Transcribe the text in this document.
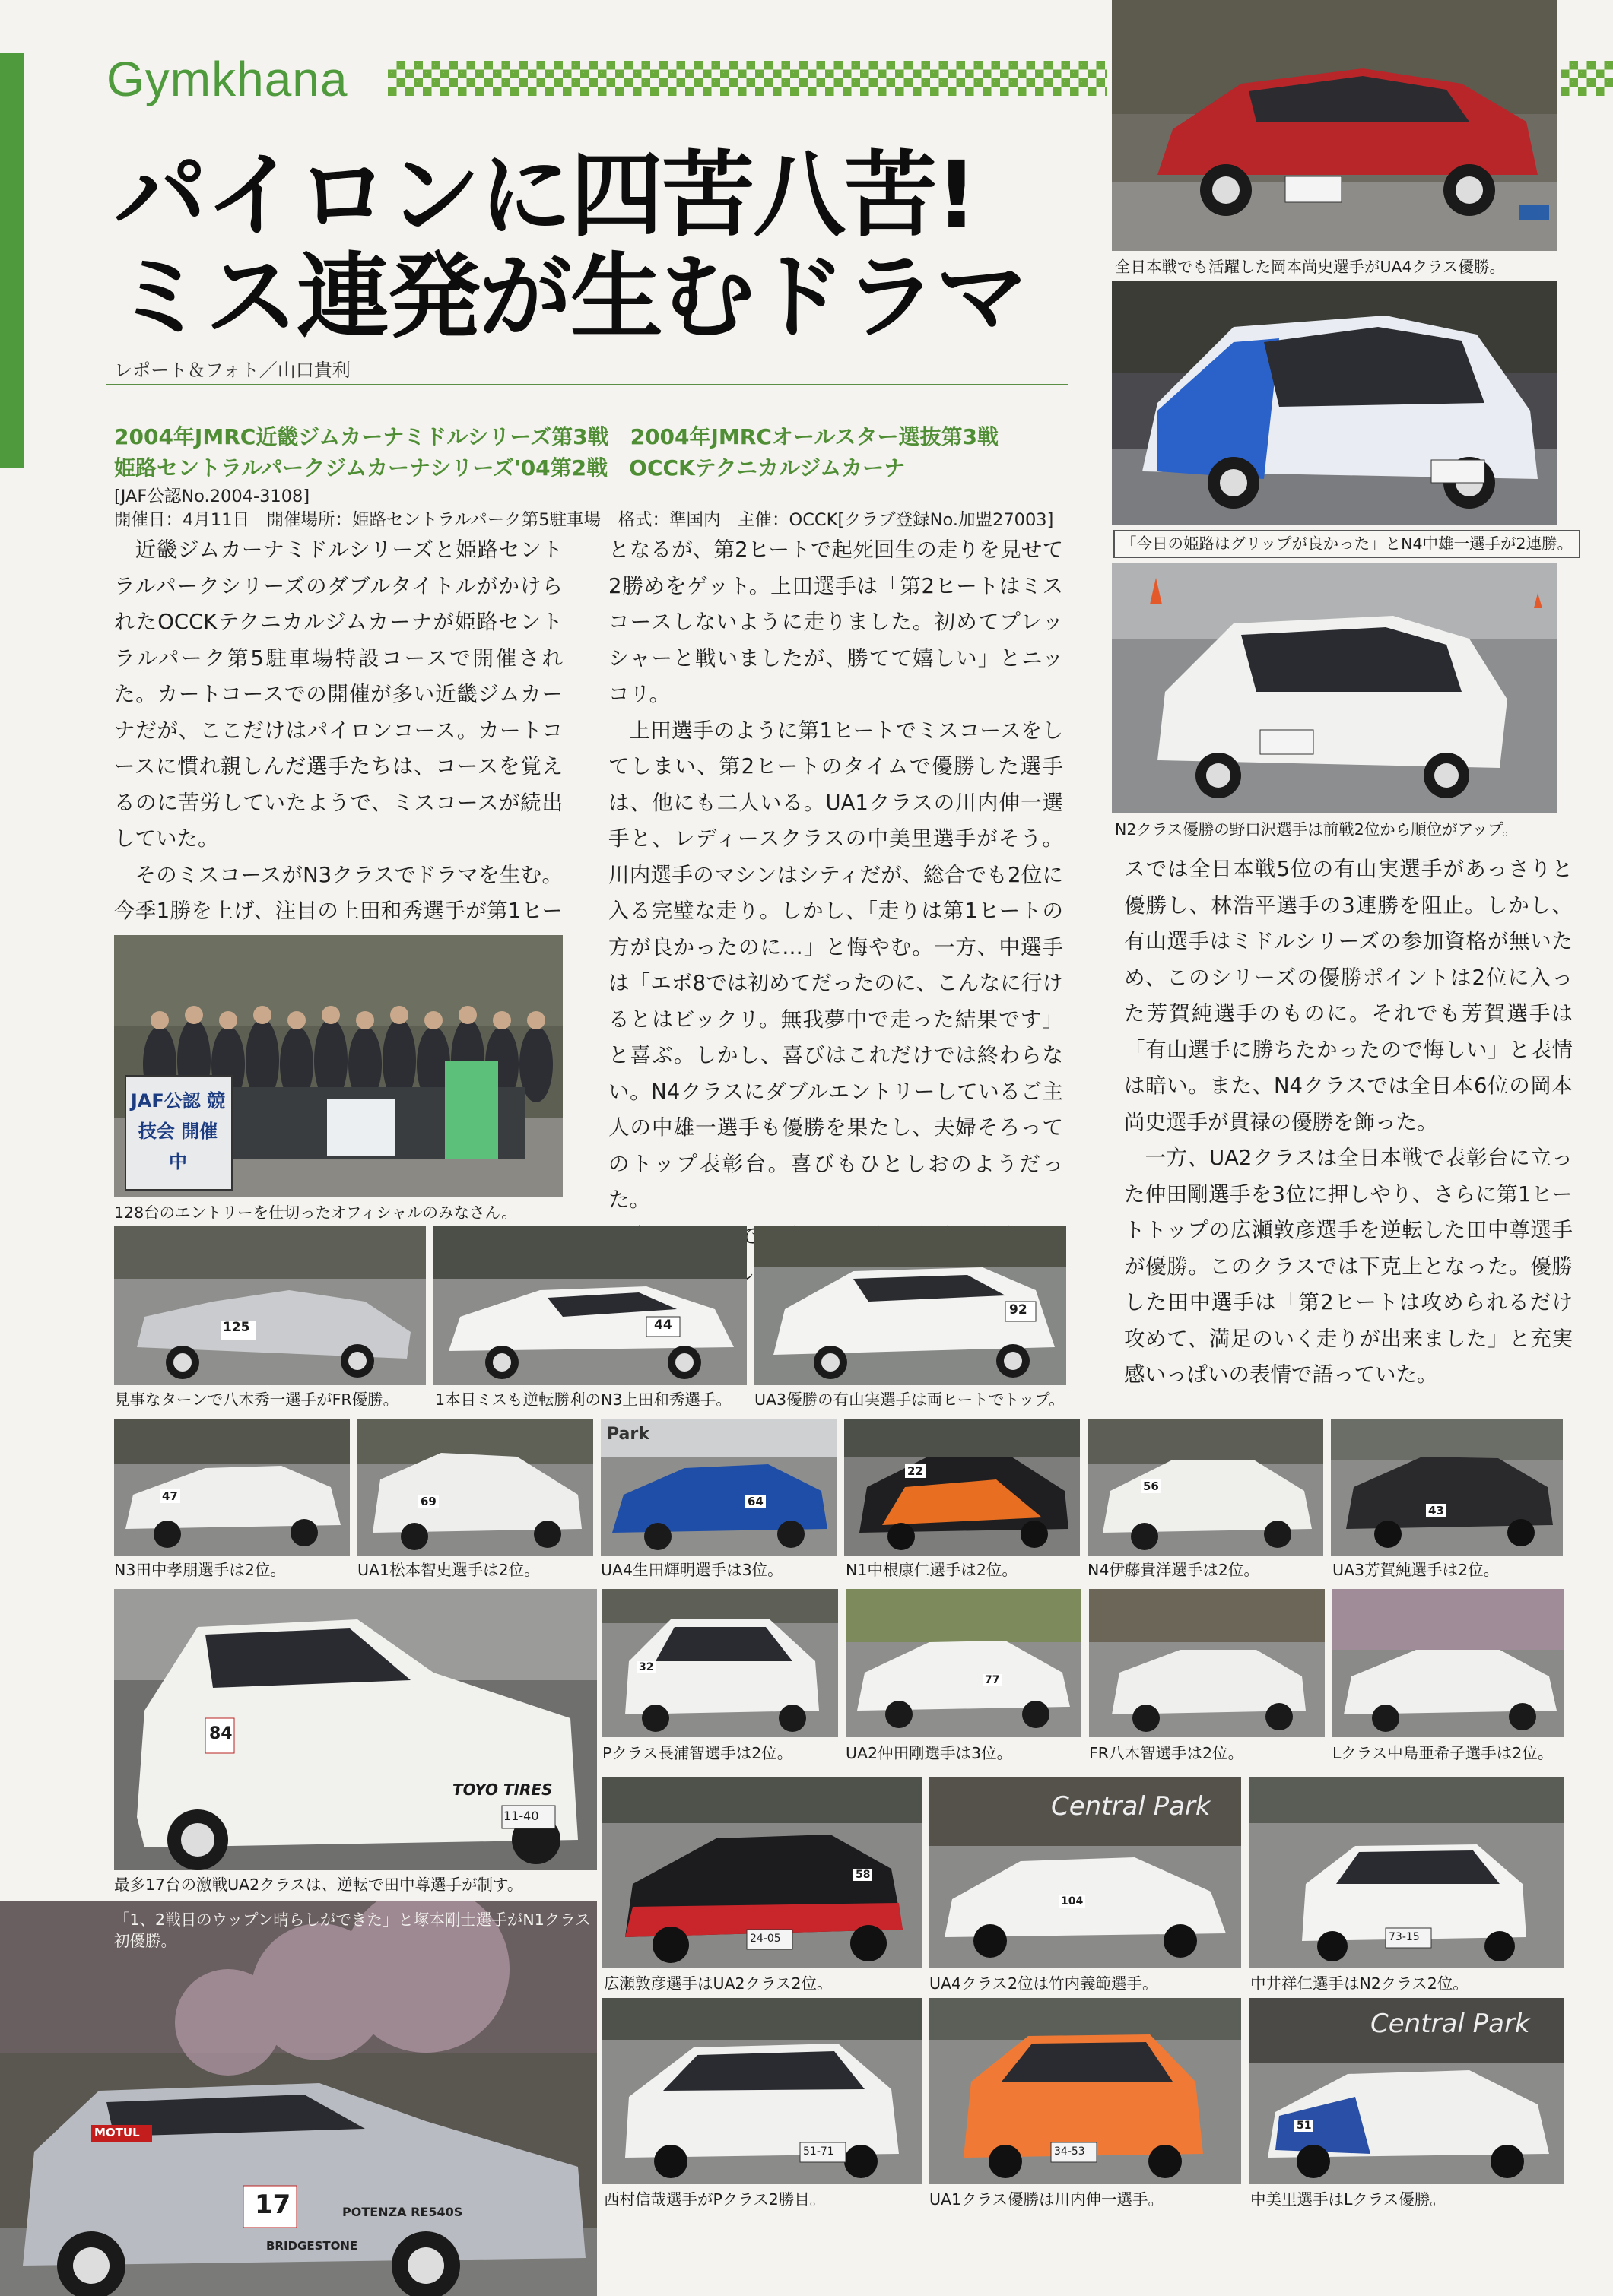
Gymkhana
パイロンに四苦八苦!
ミス連発が生むドラマ
レポート＆フォト／山口貴利
2004年JMRC近畿ジムカーナミドルシリーズ第3戦　2004年JMRCオールスター選抜第3戦
姫路セントラルパークジムカーナシリーズ'04第2戦　OCCKテクニカルジムカーナ
[JAF公認No.2004-3108]
開催日：4月11日　開催場所：姫路セントラルパーク第5駐車場　格式：準国内　主催：OCCK[クラブ登録No.加盟27003]

近畿ジムカーナミドルシリーズと姫路セントラルパークシリーズのダブルタイトルがかけられたOCCKテクニカルジムカーナが姫路セントラルパーク第5駐車場特設コースで開催された。カートコースでの開催が多い近畿ジムカーナだが、ここだけはパイロンコース。カートコースに慣れ親しんだ選手たちは、コースを覚えるのに苦労していたようで、ミスコースが続出していた。

そのミスコースがN3クラスでドラマを生む。今季1勝を上げ、注目の上田和秀選手が第1ヒー

となるが、第2ヒートで起死回生の走りを見せて2勝めをゲット。上田選手は「第2ヒートはミスコースしないように走りました。初めてプレッシャーと戦いましたが、勝てて嬉しい」とニッコリ。

上田選手のように第1ヒートでミスコースをしてしまい、第2ヒートのタイムで優勝した選手は、他にも二人いる。UA1クラスの川内伸一選手と、レディースクラスの中美里選手がそう。川内選手のマシンはシティだが、総合でも2位に入る完璧な走り。しかし、「走りは第1ヒートの方が良かったのに…」と悔やむ。一方、中選手は「エボ8では初めてだったのに、こんなに行けるとはビックリ。無我夢中で走った結果です」と喜ぶ。しかし、喜びはこれだけでは終わらない。N4クラスにダブルエントリーしているご主人の中雄一選手も優勝を果たし、夫婦そろってのトップ表彰台。喜びもひとしおのようだった。

スでは全日本戦5位の有山実選手があっさりと優勝し、林浩平選手の3連勝を阻止。しかし、有山選手はミドルシリーズの参加資格が無いため、このシリーズの優勝ポイントは2位に入った芳賀純選手のものに。それでも芳賀選手は「有山選手に勝ちたかったので悔しい」と表情は暗い。また、N4クラスでは全日本6位の岡本尚史選手が貫禄の優勝を飾った。

一方、UA2クラスは全日本戦で表彰台に立った仲田剛選手を3位に押しやり、さらに第1ヒートトップの広瀬敦彦選手を逆転した田中尊選手が優勝。このクラスでは下克上となった。優勝した田中選手は「第2ヒートは攻められるだけ攻めて、満足のいく走りが出来ました」と充実感いっぱいの表情で語っていた。

全日本戦でも活躍した岡本尚史選手がUA4クラス優勝。
「今日の姫路はグリップが良かった」とN4中雄一選手が2連勝。
N2クラス優勝の野口沢選手は前戦2位から順位がアップ。
JAF公認 競技会 開催中
128台のエントリーを仕切ったオフィシャルのみなさん。
125
見事なターンで八木秀一選手がFR優勝。
44
1本目ミスも逆転勝利のN3上田和秀選手。
92
UA3優勝の有山実選手は両ヒートでトップ。
47
N3田中孝朋選手は2位。
69
UA1松本智史選手は2位。
Park
64
UA4生田輝明選手は3位。
22
N1中根康仁選手は2位。
56
N4伊藤貴洋選手は2位。
43
UA3芳賀純選手は2位。
84
TOYO TIRES
11-40
最多17台の激戦UA2クラスは、逆転で田中尊選手が制す。
32
Pクラス長浦智選手は2位。
77
UA2仲田剛選手は3位。	FR八木智選手は2位。	Lクラス中島亜希子選手は2位。
「1、2戦目のウップン晴らしができた」と塚本剛士選手がN1クラス初優勝。
17
MOTUL
POTENZA RE540S
BRIDGESTONE
24-05
58
広瀬敦彦選手はUA2クラス2位。
Central Park
104
UA4クラス2位は竹内義範選手。
73-15
中井祥仁選手はN2クラス2位。
51-71
西村信哉選手がPクラス2勝目。
34-53
UA1クラス優勝は川内伸一選手。
Central Park
51
中美里選手はLクラス優勝。
